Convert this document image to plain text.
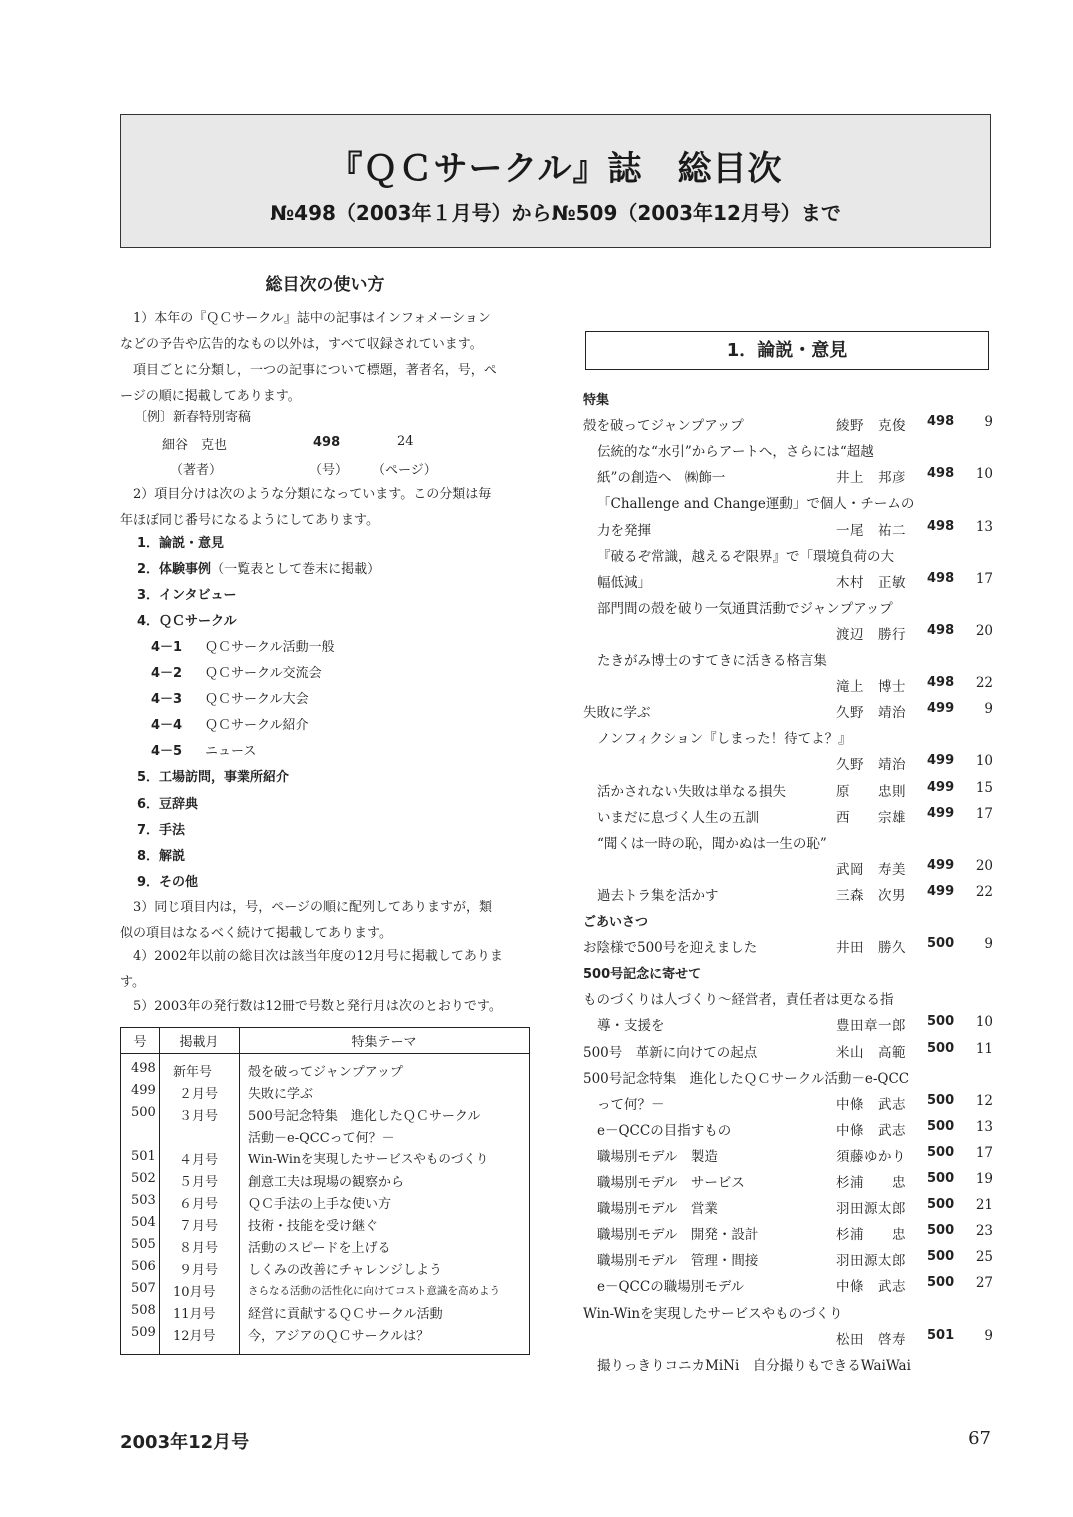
『ＱＣサークル』誌　総目次
№498（2003年１月号）から№509（2003年12月号）まで
総目次の使い方
　1）本年の『ＱＣサークル』誌中の記事はインフォメーション
などの予告や広告的なもの以外は，すべて収録されています。
　項目ごとに分類し，一つの記事について標題，著者名，号，ペ
ージの順に掲載してあります。
〔例〕新春特別寄稿
細谷　克也	498	24
（著者）	（号） （ページ）
　2）項目分けは次のような分類になっています。この分類は毎
年ほぼ同じ番号になるようにしてあります。
1．論説・意見
2．体験事例（一覧表として巻末に掲載）
3．インタビュー
4．ＱＣサークル
4－1 ＱＣサークル活動一般
4－2 ＱＣサークル交流会
4－3 ＱＣサークル大会
4－4 ＱＣサークル紹介
4－5 ニュース
5．工場訪問，事業所紹介
6．豆辞典
7．手法
8．解説
9．その他
　3）同じ項目内は，号，ページの順に配列してありますが，類
似の項目はなるべく続けて掲載してあります。
　4）2002年以前の総目次は該当年度の12月号に掲載してありま
す。
　5）2003年の発行数は12冊で号数と発行月は次のとおりです。
号	掲載月	特集テーマ
498 新年号	殻を破ってジャンプアップ
499 ２月号 失敗に学ぶ
500 ３月号 500号記念特集　進化したＱＣサークル
活動－e-QCCって何？－
501 ４月号 Win-Winを実現したサービスやものづくり
502 ５月号 創意工夫は現場の観察から
503 ６月号 ＱＣ手法の上手な使い方
504 ７月号 技術・技能を受け継ぐ
505 ８月号 活動のスピードを上げる
506 ９月号 しくみの改善にチャレンジしよう
507 10月号	さらなる活動の活性化に向けてコスト意識を高めよう
508 11月号 経営に貢献するＱＣサークル活動
509 12月号 今，アジアのＱＣサークルは？
1．論説・意見
特集
殻を破ってジャンプアップ	綾野　克俊 498	9
伝統的な“水引”からアートへ，さらには“超越
紙”の創造へ　㈱飾一	井上　邦彦 498	10
「Challenge and Change運動」で個人・チームの
力を発揮	一尾　祐二 498	13
『破るぞ常識，越えるぞ限界』で「環境負荷の大
幅低減」	木村　正敏 498	17
部門間の殻を破り一気通貫活動でジャンプアップ
渡辺　勝行 498	20
たきがみ博士のすてきに活きる格言集
滝上　博士 498	22
失敗に学ぶ	久野　靖治 499	9
ノンフィクション『しまった！待てよ？』
久野　靖治 499	10
活かされない失敗は単なる損失	原　　忠則 499	15
いまだに息づく人生の五訓	西　　宗雄 499	17
“聞くは一時の恥，聞かぬは一生の恥”
武岡　寿美 499	20
過去トラ集を活かす	三森　次男 499	22
ごあいさつ
お陰様で500号を迎えました	井田　勝久 500	9
500号記念に寄せて
ものづくりは人づくり～経営者，責任者は更なる指
導・支援を	豊田章一郎 500	10
500号　革新に向けての起点	米山　高範 500	11
500号記念特集　進化したＱＣサークル活動－e-QCC
って何？－	中條　武志 500	12
e－QCCの目指すもの	中條　武志 500	13
職場別モデル　製造	須藤ゆかり 500	17
職場別モデル　サービス	杉浦　　忠 500	19
職場別モデル　営業	羽田源太郎 500	21
職場別モデル　開発・設計	杉浦　　忠 500	23
職場別モデル　管理・間接	羽田源太郎 500	25
e－QCCの職場別モデル	中條　武志 500	27
Win-Winを実現したサービスやものづくり
松田　啓寿 501	9
撮りっきりコニカMiNi　自分撮りもできるWaiWai
2003年12月号	67
